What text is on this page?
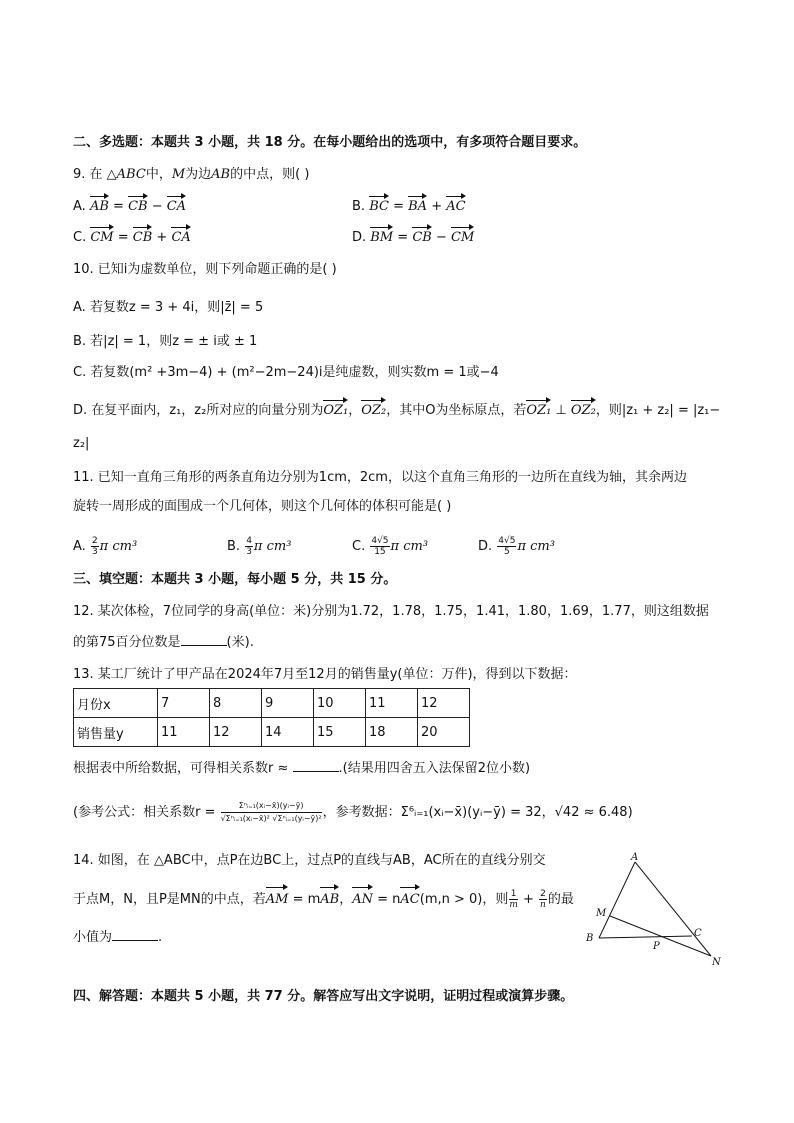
二、多选题：本题共 3 小题，共 18 分。在每小题给出的选项中，有多项符合题目要求。
9. 在 △ABC中，M为边AB的中点，则( )
A. AB = CB − CA	B. BC = BA + AC
C. CM = CB + CA	D. BM = CB − CM
10. 已知i为虚数单位，则下列命题正确的是( )
A. 若复数z = 3 + 4i，则|z̄| = 5
B. 若|z| = 1，则z = ± i或 ± 1
C. 若复数(m² +3m−4) + (m²−2m−24)i是纯虚数，则实数m = 1或−4
D. 在复平面内，z₁，z₂所对应的向量分别为OZ₁，OZ₂，其中O为坐标原点，若OZ₁ ⊥ OZ₂，则|z₁ + z₂| = |z₁−
z₂|
11. 已知一直角三角形的两条直角边分别为1cm，2cm，以这个直角三角形的一边所在直线为轴，其余两边
旋转一周形成的面围成一个几何体，则这个几何体的体积可能是( )
A. $\frac{2}{3}$ π cm³	B. $\frac{4}{3}$ π cm³	C. $\frac{4√5}{15}$ π cm³	D. $\frac{4√5}{5}$ π cm³
三、填空题：本题共 3 小题，每小题 5 分，共 15 分。
12. 某次体检，7位同学的身高(单位：米)分别为1.72，1.78，1.75，1.41，1.80，1.69，1.77，则这组数据
的第75百分位数是	(米).
13. 某工厂统计了甲产品在2024年7月至12月的销售量y(单位：万件)，得到以下数据：
月份x	7	8	9	10	11	12
销售量y	11	12	14	15	18	20
根据表中所给数据，可得相关系数r ≈	.(结果用四舍五入法保留2位小数)
(参考公式：相关系数$r = \frac{\text{Σⁿᵢ₌₁(xᵢ−x̄)(yᵢ−ȳ)}}{\text{√Σⁿᵢ₌₁(xᵢ−x̄)² √Σⁿᵢ₌₁(yᵢ−ȳ)²}}$ ，参考数据：Σ⁶ᵢ₌₁(xᵢ−x̄)(yᵢ−ȳ) = 32，√42 ≈ 6.48)
14. 如图，在 △ABC中，点P在边BC上，过点P的直线与AB，AC所在的直线分别交
于点M，N，且P是MN的中点，若AM = mAB，AN = nAC(m,n > 0)，则 $\frac{1}{m} + \frac{2}{n}$ 的最
小值为	.
A
B	C
M
N
P
四、解答题：本题共 5 小题，共 77 分。解答应写出文字说明，证明过程或演算步骤。
